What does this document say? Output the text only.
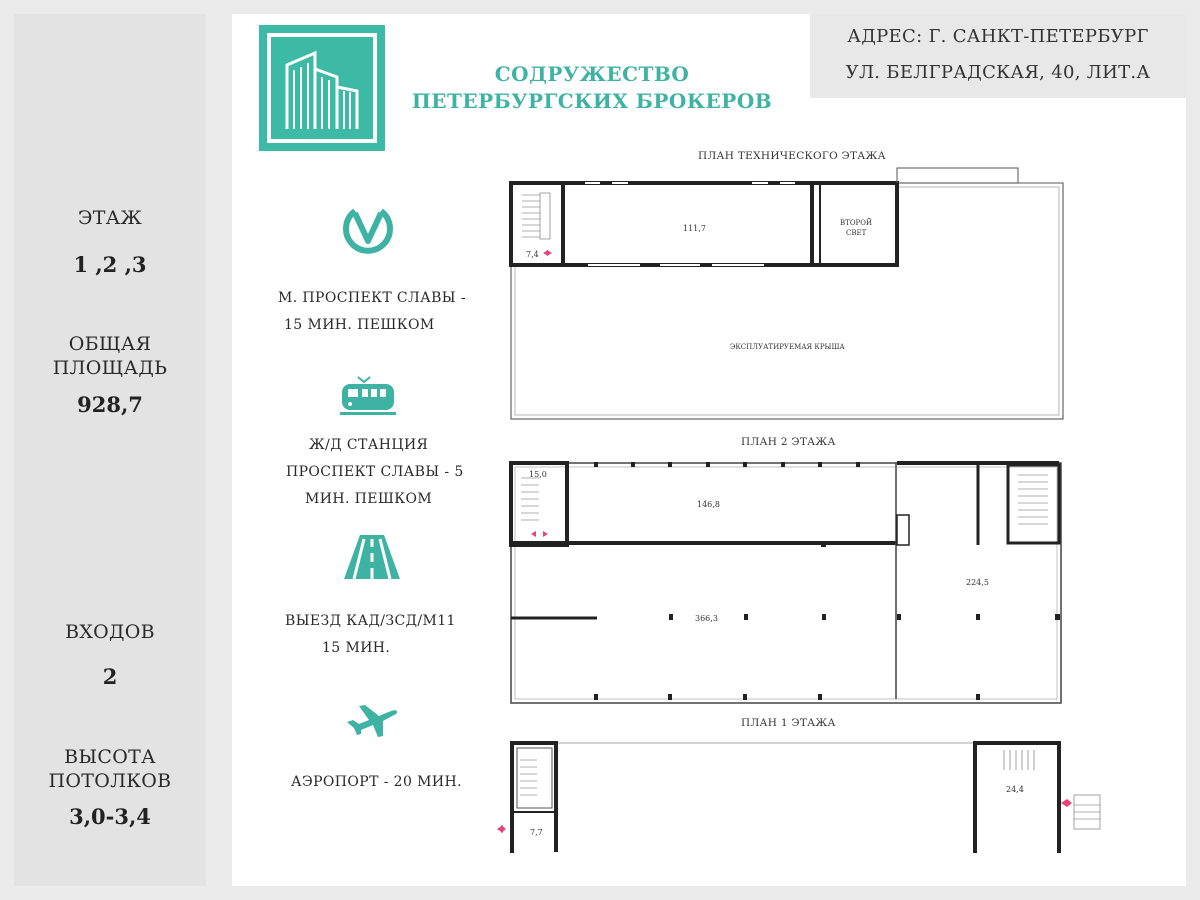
ЭТАЖ
1 ,2 ,3
ОБЩАЯ
ПЛОЩАДЬ
928,7
ВХОДОВ
2
ВЫСОТА
ПОТОЛКОВ
3,0-3,4
АДРЕС: Г. САНКТ-ПЕТЕРБУРГ
УЛ. БЕЛГРАДСКАЯ, 40, ЛИТ.А
СОДРУЖЕСТВО
ПЕТЕРБУРГСКИХ БРОКЕРОВ
М. ПРОСПЕКТ СЛАВЫ -
15 МИН. ПЕШКОМ
Ж/Д СТАНЦИЯ
ПРОСПЕКТ СЛАВЫ - 5
МИН. ПЕШКОМ
ВЫЕЗД КАД/ЗСД/М11
15 МИН.
АЭРОПОРТ - 20 МИН.
ПЛАН ТЕХНИЧЕСКОГО ЭТАЖА
111,7
7,4
ВТОРОЙ
СВЕТ
ЭКСПЛУАТИРУЕМАЯ КРЫША
ПЛАН 2 ЭТАЖА
15,0
146,8
366,3
224,5
ПЛАН 1 ЭТАЖА
7,7
24,4
